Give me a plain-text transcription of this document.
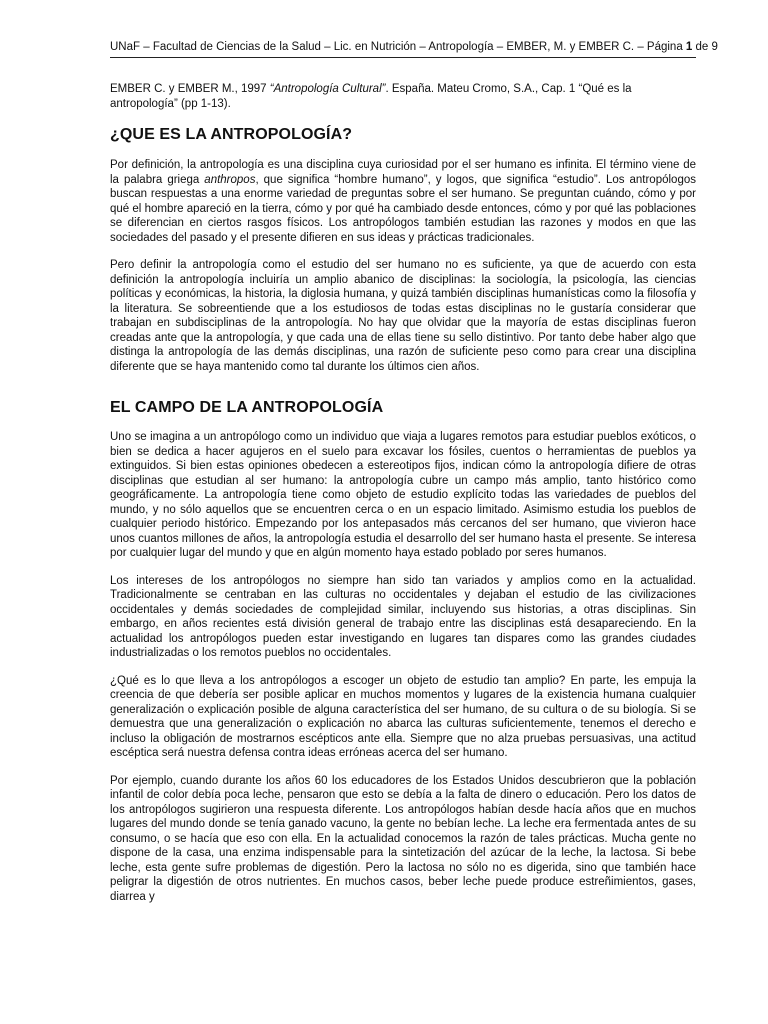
UNaF – Facultad de Ciencias de la Salud – Lic. en Nutrición – Antropología – EMBER, M. y EMBER C. – Página 1 de 9

EMBER C. y EMBER M., 1997 “Antropología Cultural”. España. Mateu Cromo, S.A., Cap. 1 “Qué es la antropología” (pp 1-13).

¿QUE ES LA ANTROPOLOGÍA?

Por definición, la antropología es una disciplina cuya curiosidad por el ser humano es infinita. El término viene de la palabra griega anthropos, que significa “hombre humano”, y logos, que significa “estudio”. Los antropólogos buscan respuestas a una enorme variedad de preguntas sobre el ser humano. Se preguntan cuándo, cómo y por qué el hombre apareció en la tierra, cómo y por qué ha cambiado desde entonces, cómo y por qué las poblaciones se diferencian en ciertos rasgos físicos. Los antropólogos también estudian las razones y modos en que las sociedades del pasado y el presente difieren en sus ideas y prácticas tradicionales.

Pero definir la antropología como el estudio del ser humano no es suficiente, ya que de acuerdo con esta definición la antropología incluiría un amplio abanico de disciplinas: la sociología, la psicología, las ciencias políticas y económicas, la historia, la diglosia humana, y quizá también disciplinas humanísticas como la filosofía y la literatura. Se sobreentiende que a los estudiosos de todas estas disciplinas no le gustaría considerar que trabajan en subdisciplinas de la antropología. No hay que olvidar que la mayoría de estas disciplinas fueron creadas ante que la antropología, y que cada una de ellas tiene su sello distintivo. Por tanto debe haber algo que distinga la antropología de las demás disciplinas, una razón de suficiente peso como para crear una disciplina diferente que se haya mantenido como tal durante los últimos cien años.

EL CAMPO DE LA ANTROPOLOGÍA

Uno se imagina a un antropólogo como un individuo que viaja a lugares remotos para estudiar pueblos exóticos, o bien se dedica a hacer agujeros en el suelo para excavar los fósiles, cuentos o herramientas de pueblos ya extinguidos. Si bien estas opiniones obedecen a estereotipos fijos, indican cómo la antropología difiere de otras disciplinas que estudian al ser humano: la antropología cubre un campo más amplio, tanto histórico como geográficamente. La antropología tiene como objeto de estudio explícito todas las variedades de pueblos del mundo, y no sólo aquellos que se encuentren cerca o en un espacio limitado. Asimismo estudia los pueblos de cualquier periodo histórico. Empezando por los antepasados más cercanos del ser humano, que vivieron hace unos cuantos millones de años, la antropología estudia el desarrollo del ser humano hasta el presente. Se interesa por cualquier lugar del mundo y que en algún momento haya estado poblado por seres humanos.

Los intereses de los antropólogos no siempre han sido tan variados y amplios como en la actualidad. Tradicionalmente se centraban en las culturas no occidentales y dejaban el estudio de las civilizaciones occidentales y demás sociedades de complejidad similar, incluyendo sus historias, a otras disciplinas. Sin embargo, en años recientes está división general de trabajo entre las disciplinas está desapareciendo. En la actualidad los antropólogos pueden estar investigando en lugares tan dispares como las grandes ciudades industrializadas o los remotos pueblos no occidentales.

¿Qué es lo que lleva a los antropólogos a escoger un objeto de estudio tan amplio? En parte, les empuja la creencia de que debería ser posible aplicar en muchos momentos y lugares de la existencia humana cualquier generalización o explicación posible de alguna característica del ser humano, de su cultura o de su biología. Si se demuestra que una generalización o explicación no abarca las culturas suficientemente, tenemos el derecho e incluso la obligación de mostrarnos escépticos ante ella. Siempre que no alza pruebas persuasivas, una actitud escéptica será nuestra defensa contra ideas erróneas acerca del ser humano.

Por ejemplo, cuando durante los años 60 los educadores de los Estados Unidos descubrieron que la población infantil de color debía poca leche, pensaron que esto se debía a la falta de dinero o educación. Pero los datos de los antropólogos sugirieron una respuesta diferente. Los antropólogos habían desde hacía años que en muchos lugares del mundo donde se tenía ganado vacuno, la gente no bebían leche. La leche era fermentada antes de su consumo, o se hacía que eso con ella. En la actualidad conocemos la razón de tales prácticas. Mucha gente no dispone de la casa, una enzima indispensable para la sintetización del azúcar de la leche, la lactosa. Si bebe leche, esta gente sufre problemas de digestión. Pero la lactosa no sólo no es digerida, sino que también hace peligrar la digestión de otros nutrientes. En muchos casos, beber leche puede produce estreñimientos, gases, diarrea y
